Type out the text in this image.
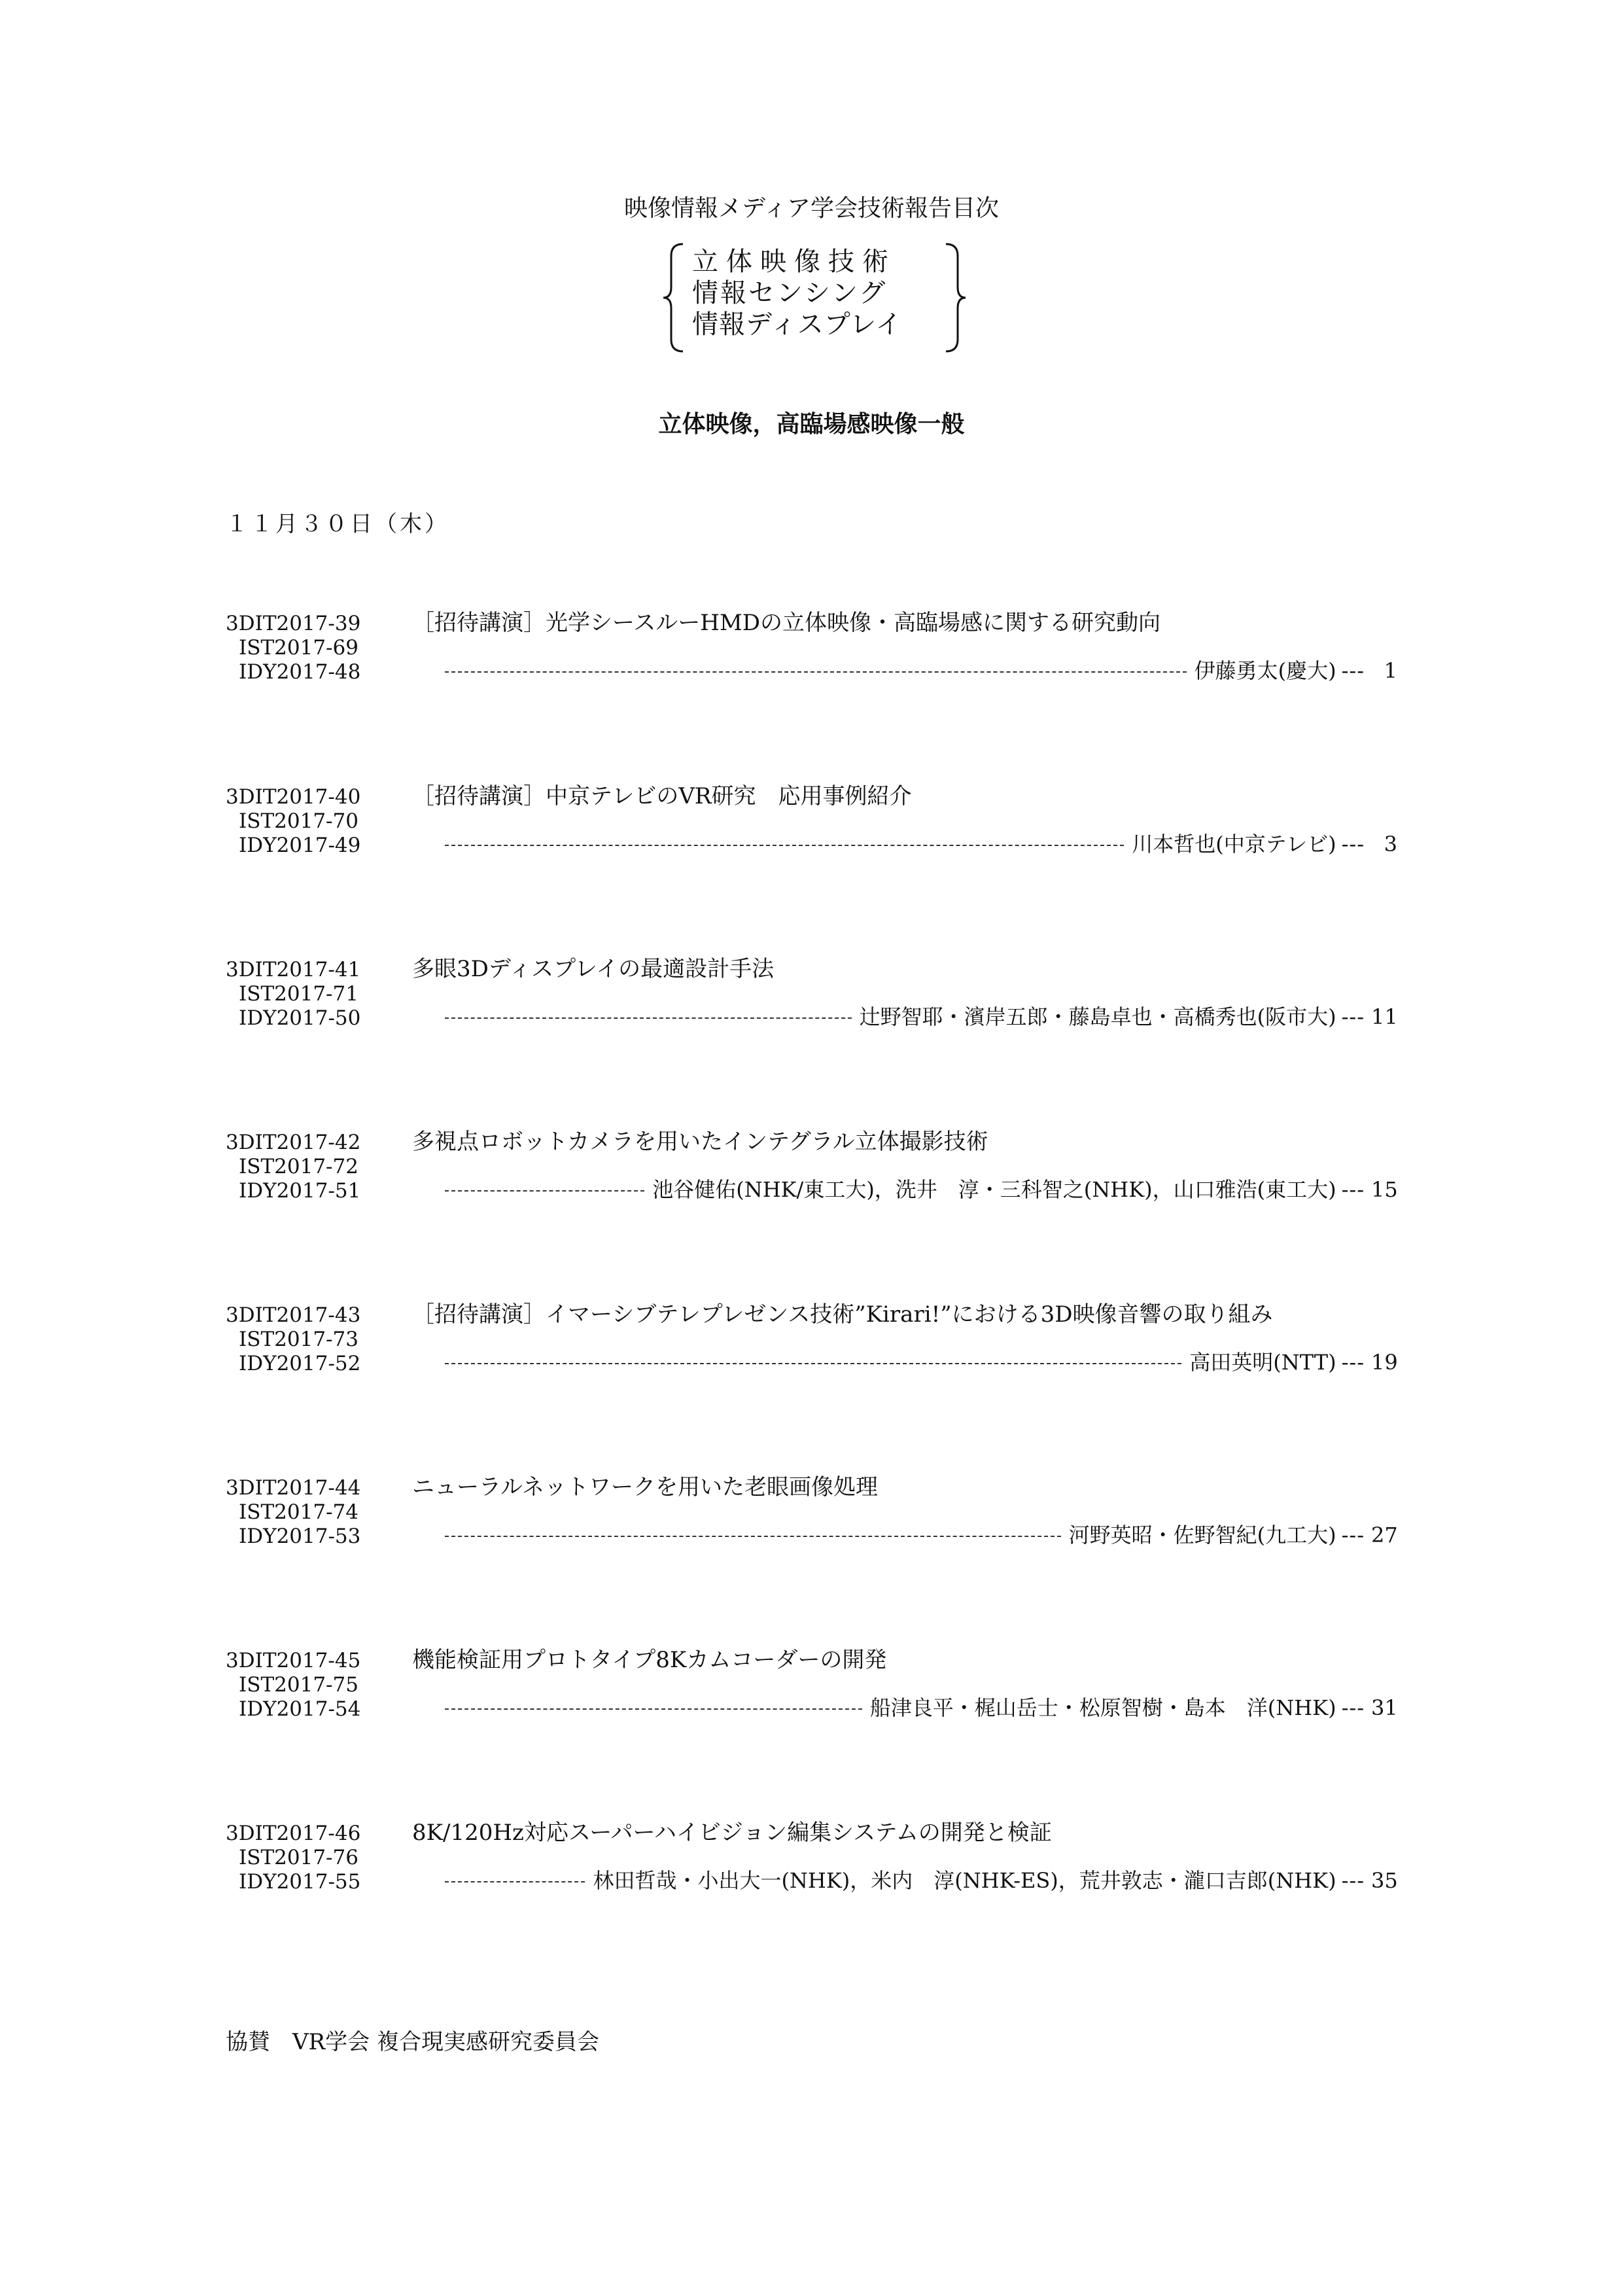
映像情報メディア学会技術報告目次
立体映像技術
情報センシング
情報ディスプレイ
立体映像，高臨場感映像一般
１１月３０日（木）
3DIT2017-39
IST2017-69
IDY2017-48
［招待講演］光学シースルーHMDの立体映像・高臨場感に関する研究動向
伊藤勇太(慶大) --- 1
3DIT2017-40
IST2017-70
IDY2017-49
［招待講演］中京テレビのVR研究　応用事例紹介
川本哲也(中京テレビ) --- 3
3DIT2017-41
IST2017-71
IDY2017-50
多眼3Dディスプレイの最適設計手法
辻野智耶・濱岸五郎・藤島卓也・高橋秀也(阪市大) --- 11
3DIT2017-42
IST2017-72
IDY2017-51
多視点ロボットカメラを用いたインテグラル立体撮影技術
池谷健佑(NHK/東工大)，洗井　淳・三科智之(NHK)，山口雅浩(東工大) --- 15
3DIT2017-43
IST2017-73
IDY2017-52
［招待講演］イマーシブテレプレゼンス技術”Kirari!”における3D映像音響の取り組み
高田英明(NTT) --- 19
3DIT2017-44
IST2017-74
IDY2017-53
ニューラルネットワークを用いた老眼画像処理
河野英昭・佐野智紀(九工大) --- 27
3DIT2017-45
IST2017-75
IDY2017-54
機能検証用プロトタイプ8Kカムコーダーの開発
船津良平・梶山岳士・松原智樹・島本　洋(NHK) --- 31
3DIT2017-46
IST2017-76
IDY2017-55
8K/120Hz対応スーパーハイビジョン編集システムの開発と検証
林田哲哉・小出大一(NHK)，米内　淳(NHK-ES)，荒井敦志・瀧口吉郎(NHK) --- 35
協賛　VR学会 複合現実感研究委員会
